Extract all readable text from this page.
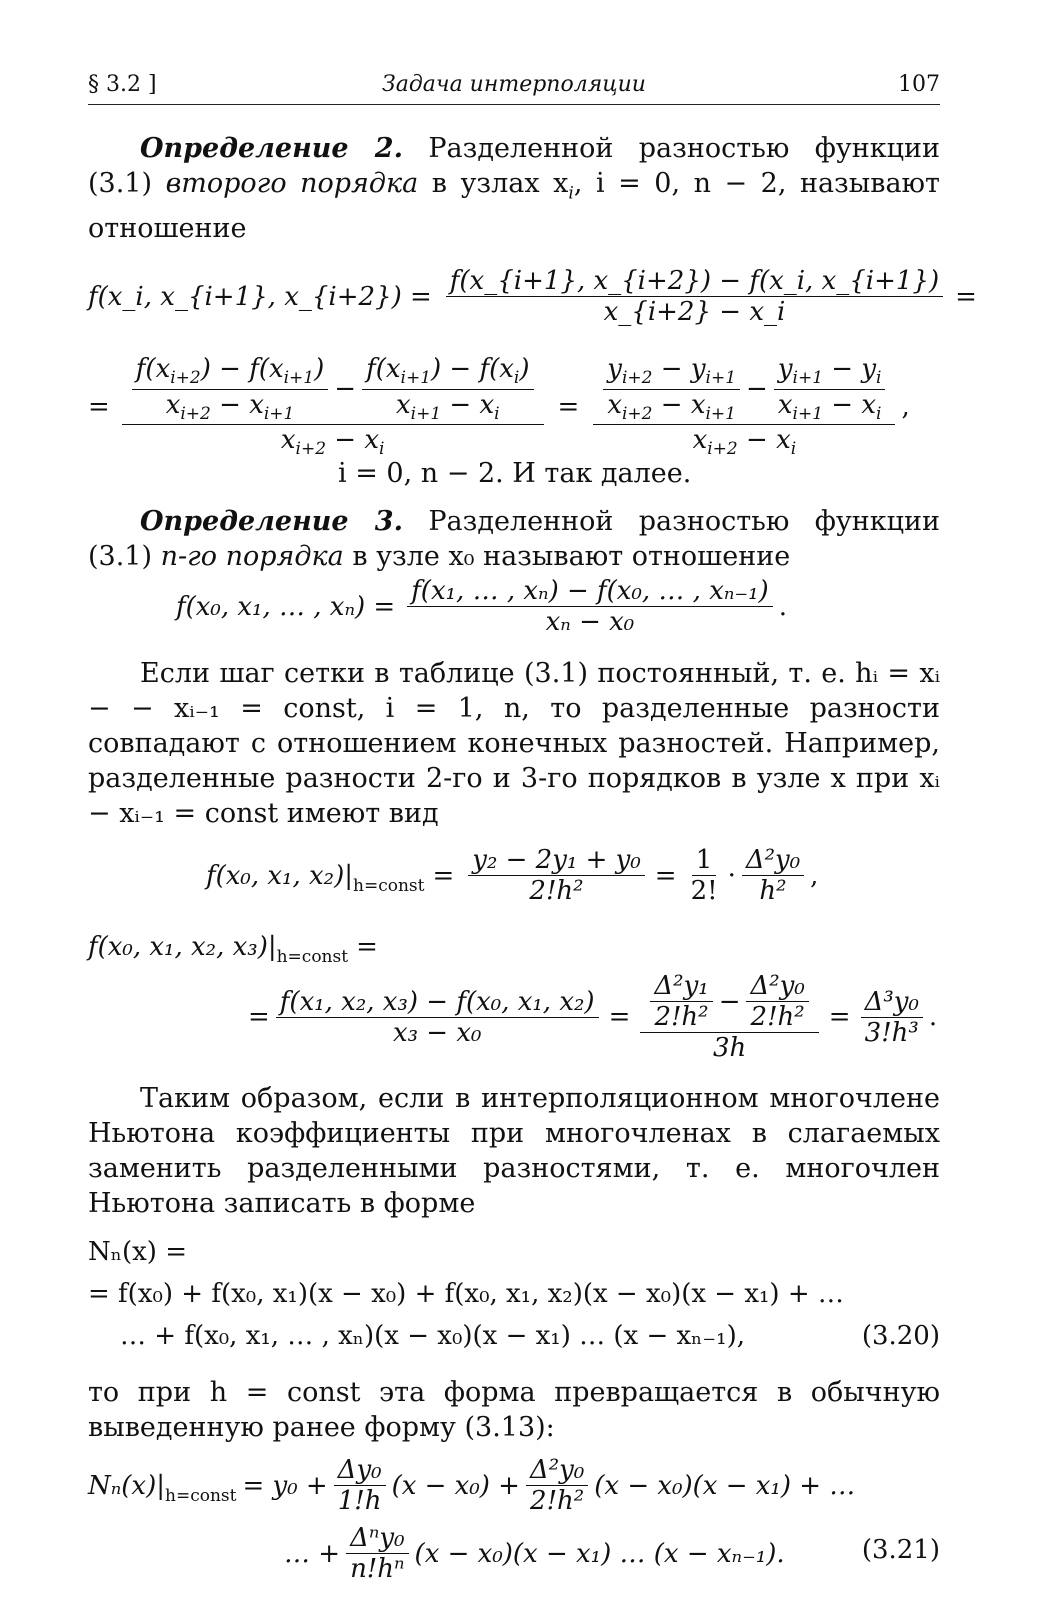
§ 3.2 ]	Задача интерполяции	107

Определение 2. Разделенной разностью функции (3.1) второго порядка в узлах $x_i$, i = 0, n − 2, называют отношение

f(x_i, x_{i+1}, x_{i+2}) = $\frac{f(x\_\{i+1\}, x\_\{i+2\}) - f(x\_i, x\_\{i+1\})}{x\_\{i+2\} - x\_i}$ =
= $\frac{f(x_{i+2}) - f(x_{i+1})}{x_{i+2} - x_{i+1}} - \frac{f(x_{i+1}) - f(x_i)}{x_{i+1} - x_i}$
$x_{i+2} - x_i$
= $\frac{y_{i+2} - y_{i+1}}{x_{i+2} - x_{i+1}} - \frac{y_{i+1} - y_i}{x_{i+1} - x_i}$
$x_{i+2} - x_i$
,
i = 0, n − 2. И так далее.

Определение 3. Разделенной разностью функции (3.1) n-го порядка в узле x₀ называют отношение

f(x₀, x₁, … , $x_n) = \frac{\text{f(x₁, … , xₙ) − f(x₀, … , xₙ₋₁)}}{\text{xₙ − x₀}}$ .

Если шаг сетки в таблице (3.1) постоянный, т. е. hᵢ = xᵢ − − xᵢ₋₁ = const, i = 1, n, то разделенные разности совпадают с отношением конечных разностей. Например, разделенные разности 2-го и 3-го порядков в узле x при xᵢ − xᵢ₋₁ = const имеют вид

f(x₀, x₁, $x_2)|_{h=const} = \frac{\text{y₂ − 2y₁ + y₀}}{\text{2!h²}} = \frac{1}{2!} \cdot \frac{\text{Δ²y₀}}{\text{h²}}$ ,
f(x₀, x₁, x₂, $x_3)|_{h=const}$ =
= $\frac{\text{f(x₁, x₂, x₃) − f(x₀, x₁, x₂)}}{\text{x₃ − x₀}} = \frac{\frac{\text{Δ²y₁}}{\text{2!h²}} - \frac{\text{Δ²y₀}}{\text{2!h²}}}{3h} = \frac{\text{Δ³y₀}}{\text{3!h³}}$ .

Таким образом, если в интерполяционном многочлене Ньютона коэффициенты при многочленах в слагаемых заменить разделенными разностями, т. е. многочлен Ньютона записать в форме

Nₙ(x) =
= f(x₀) + f(x₀, x₁)(x − x₀) + f(x₀, x₁, x₂)(x − x₀)(x − x₁) + …
… + f(x₀, x₁, … , xₙ)(x − x₀)(x − x₁) … (x − xₙ₋₁),	(3.20)

то при h = const эта форма превращается в обычную выведенную ранее форму (3.13):

$N_n(x)|_{h=const} = y_0 + \frac{\text{Δy₀}}{1!h} (x - x_0) + \frac{\text{Δ²y₀}}{\text{2!h²}} (x - x_0)(x - x_1)$ + …
… + $\frac{\text{Δⁿy₀}}{\text{n!hⁿ}} (x - x_0)(x - x_1)$ … (x − xₙ₋₁).	(3.21)
